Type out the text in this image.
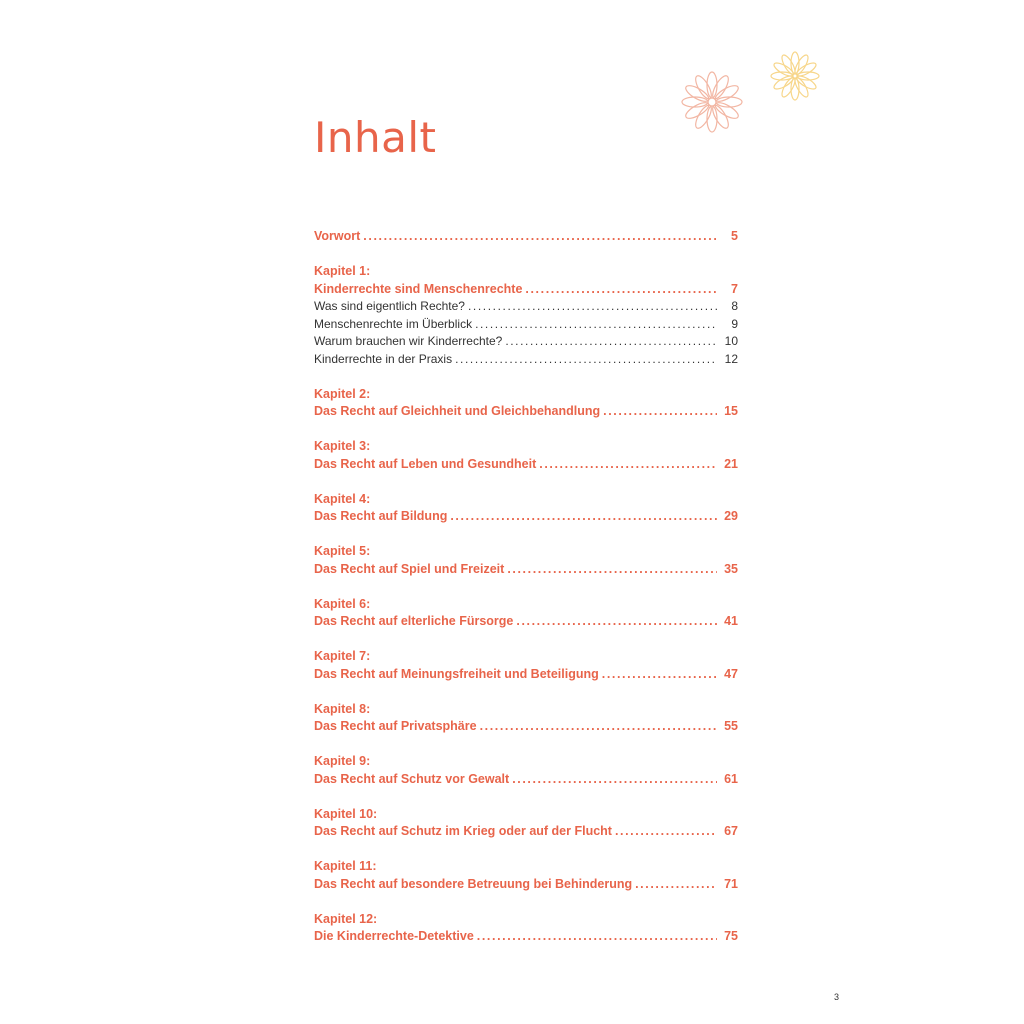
Inhalt
Vorwort .....	5
Kapitel 1:
Kinderrechte sind Menschenrechte .....	7
Was sind eigentlich Rechte? .....	8
Menschenrechte im Überblick .....	9
Warum brauchen wir Kinderrechte? .....	10
Kinderrechte in der Praxis .....	12
Kapitel 2:
Das Recht auf Gleichheit und Gleichbehandlung .....	15
Kapitel 3:
Das Recht auf Leben und Gesundheit .....	21
Kapitel 4:
Das Recht auf Bildung .....	29
Kapitel 5:
Das Recht auf Spiel und Freizeit .....	35
Kapitel 6:
Das Recht auf elterliche Fürsorge .....	41
Kapitel 7:
Das Recht auf Meinungsfreiheit und Beteiligung .....	47
Kapitel 8:
Das Recht auf Privatsphäre .....	55
Kapitel 9:
Das Recht auf Schutz vor Gewalt .....	61
Kapitel 10:
Das Recht auf Schutz im Krieg oder auf der Flucht .....	67
Kapitel 11:
Das Recht auf besondere Betreuung bei Behinderung .....	71
Kapitel 12:
Die Kinderrechte-Detektive .....	75
3
